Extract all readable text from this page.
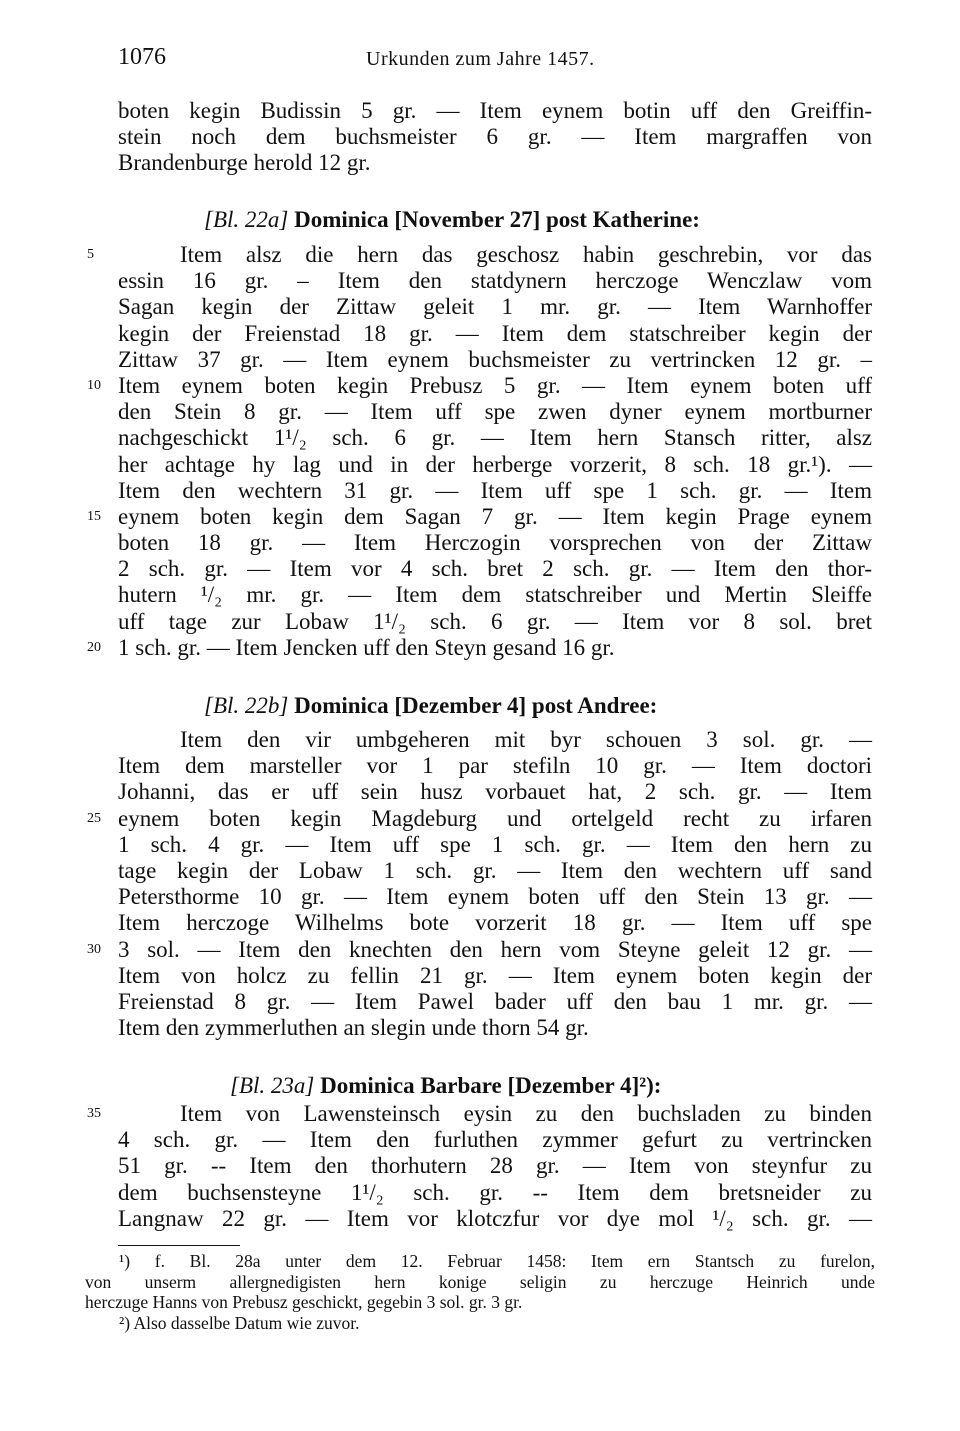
1076	Urkunden zum Jahre 1457.
boten kegin Budissin 5 gr. — Item eynem botin uff den Greiffin-
stein noch dem buchsmeister 6 gr. — Item margraffen von
Brandenburge herold 12 gr.
[Bl. 22a] Dominica [November 27] post Katherine:
5	Item alsz die hern das geschosz habin geschrebin, vor das
essin 16 gr. – Item den statdynern herczoge Wenczlaw vom
Sagan kegin der Zittaw geleit 1 mr. gr. — Item Warnhoffer
kegin der Freienstad 18 gr. — Item dem statschreiber kegin der
Zittaw 37 gr. — Item eynem buchsmeister zu vertrincken 12 gr. –
10 Item eynem boten kegin Prebusz 5 gr. — Item eynem boten uff
den Stein 8 gr. — Item uff spe zwen dyner eynem mortburner
nachgeschickt 1¹/₂ sch. 6 gr. — Item hern Stansch ritter, alsz
her achtage hy lag und in der herberge vorzerit, 8 sch. 18 gr.¹). —
Item den wechtern 31 gr. — Item uff spe 1 sch. gr. — Item
15 eynem boten kegin dem Sagan 7 gr. — Item kegin Prage eynem
boten 18 gr. — Item Herczogin vorsprechen von der Zittaw
2 sch. gr. — Item vor 4 sch. bret 2 sch. gr. — Item den thor-
hutern ¹/₂ mr. gr. — Item dem statschreiber und Mertin Sleiffe
uff tage zur Lobaw 1¹/₂ sch. 6 gr. — Item vor 8 sol. bret
20 1 sch. gr. — Item Jencken uff den Steyn gesand 16 gr.
[Bl. 22b] Dominica [Dezember 4] post Andree:
Item den vir umbgeheren mit byr schouen 3 sol. gr. —
Item dem marsteller vor 1 par stefiln 10 gr. — Item doctori
Johanni, das er uff sein husz vorbauet hat, 2 sch. gr. — Item
25 eynem boten kegin Magdeburg und ortelgeld recht zu irfaren
1 sch. 4 gr. — Item uff spe 1 sch. gr. — Item den hern zu
tage kegin der Lobaw 1 sch. gr. — Item den wechtern uff sand
Petersthorme 10 gr. — Item eynem boten uff den Stein 13 gr. —
Item herczoge Wilhelms bote vorzerit 18 gr. — Item uff spe
30 3 sol. — Item den knechten den hern vom Steyne geleit 12 gr. —
Item von holcz zu fellin 21 gr. — Item eynem boten kegin der
Freienstad 8 gr. — Item Pawel bader uff den bau 1 mr. gr. —
Item den zymmerluthen an slegin unde thorn 54 gr.
[Bl. 23a] Dominica Barbare [Dezember 4]²):
35	Item von Lawensteinsch eysin zu den buchsladen zu binden
4 sch. gr. — Item den furluthen zymmer gefurt zu vertrincken
51 gr. -- Item den thorhutern 28 gr. — Item von steynfur zu
dem buchsensteyne 1¹/₂ sch. gr. -- Item dem bretsneider zu
Langnaw 22 gr. — Item vor klotczfur vor dye mol ¹/₂ sch. gr. —
¹) f. Bl. 28a unter dem 12. Februar 1458: Item ern Stantsch zu furelon,
von unserm allergnedigisten hern konige seligin zu herczuge Heinrich unde
herczuge Hanns von Prebusz geschickt, gegebin 3 sol. gr. 3 gr.
²) Also dasselbe Datum wie zuvor.
